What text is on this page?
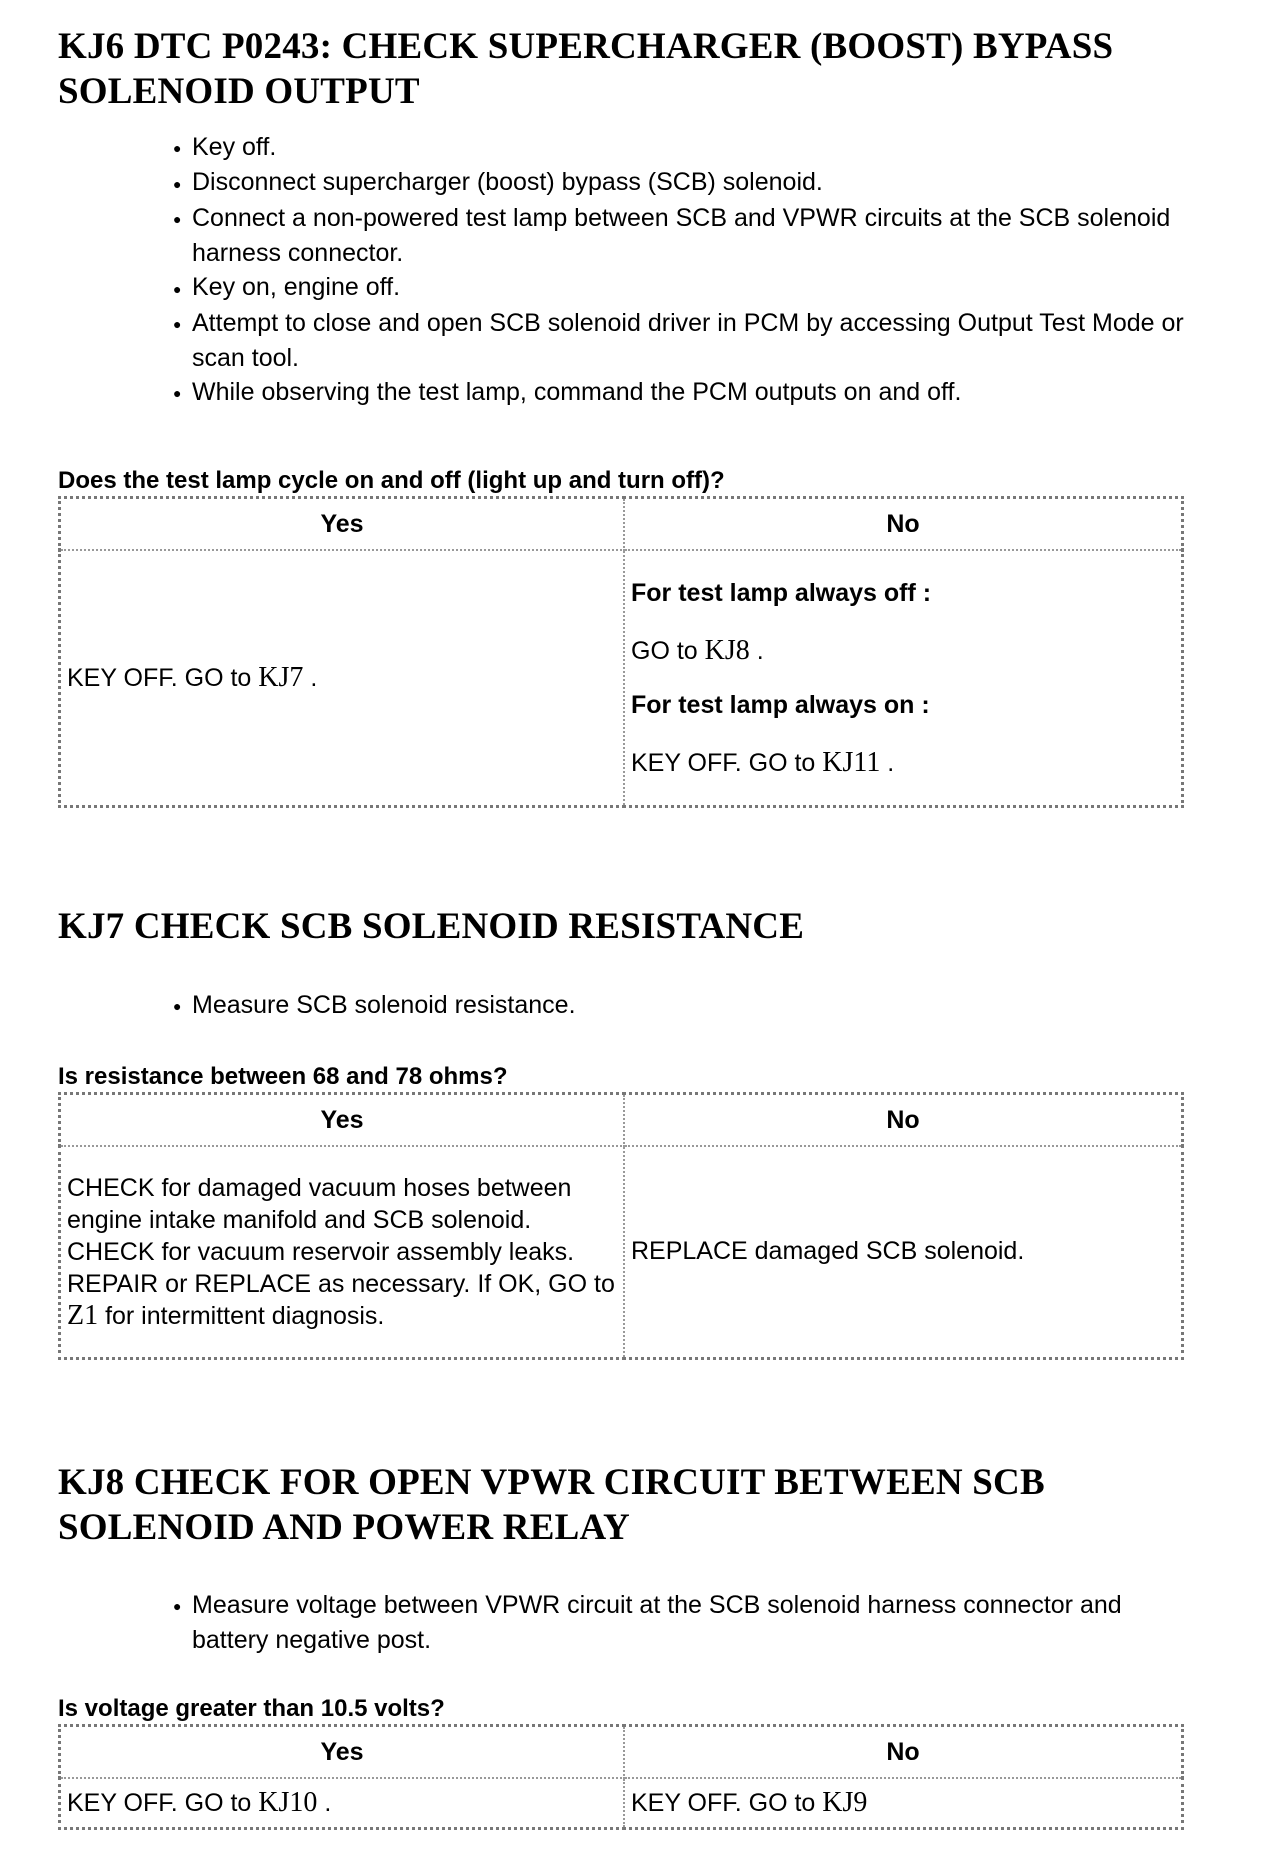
KJ6 DTC P0243: CHECK SUPERCHARGER (BOOST) BYPASS SOLENOID OUTPUT
● Key off.
● Disconnect supercharger (boost) bypass (SCB) solenoid.
● Connect a non-powered test lamp between SCB and VPWR circuits at the SCB solenoid harness connector.
● Key on, engine off.
● Attempt to close and open SCB solenoid driver in PCM by accessing Output Test Mode or scan tool.
● While observing the test lamp, command the PCM outputs on and off.

Does the test lamp cycle on and off (light up and turn off)?

Yes	No
KEY OFF. GO to KJ7 .	For test lamp always off :

GO to KJ8 .

For test lamp always on :

KEY OFF. GO to KJ11 .

KJ7 CHECK SCB SOLENOID RESISTANCE
● Measure SCB solenoid resistance.

Is resistance between 68 and 78 ohms?

Yes	No
CHECK for damaged vacuum hoses between engine intake manifold and SCB solenoid. CHECK for vacuum reservoir assembly leaks. REPAIR or REPLACE as necessary. If OK, GO to Z1 for intermittent diagnosis.	REPLACE damaged SCB solenoid.
KJ8 CHECK FOR OPEN VPWR CIRCUIT BETWEEN SCB SOLENOID AND POWER RELAY
● Measure voltage between VPWR circuit at the SCB solenoid harness connector and battery negative post.

Is voltage greater than 10.5 volts?

Yes	No
KEY OFF. GO to KJ10 .	KEY OFF. GO to KJ9
